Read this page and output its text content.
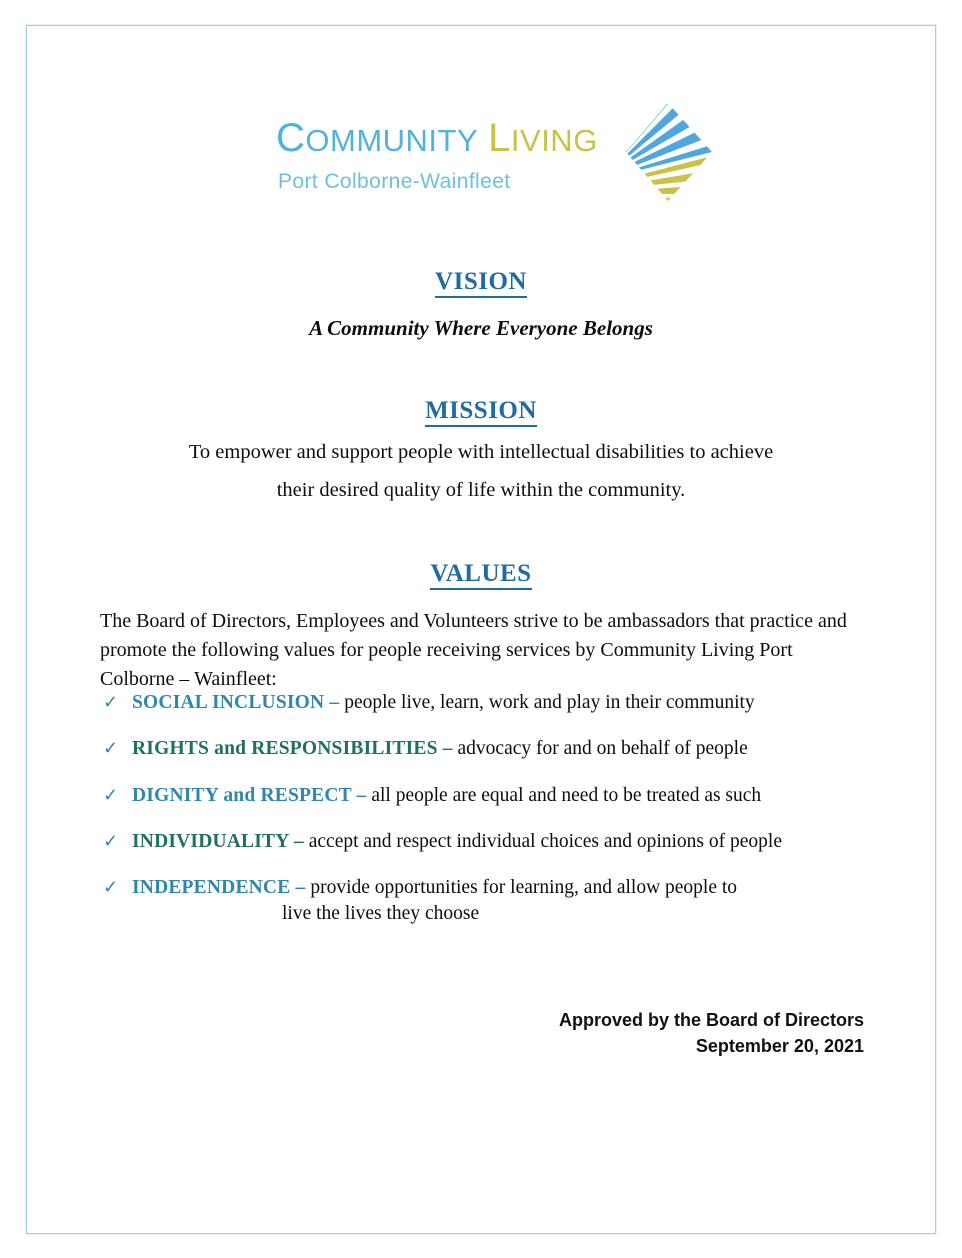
COMMUNITY LIVING
Port Colborne-Wainfleet
VISION
A Community Where Everyone Belongs
MISSION
To empower and support people with intellectual disabilities to achieve
their desired quality of life within the community.
VALUES
The Board of Directors, Employees and Volunteers strive to be ambassadors that practice and promote the following values for people receiving services by Community Living Port Colborne – Wainfleet:
✓ SOCIAL INCLUSION – people live, learn, work and play in their community
✓ RIGHTS and RESPONSIBILITIES – advocacy for and on behalf of people
✓ DIGNITY and RESPECT – all people are equal and need to be treated as such
✓ INDIVIDUALITY – accept and respect individual choices and opinions of people
✓ INDEPENDENCE – provide opportunities for learning, and allow people to
live the lives they choose
Approved by the Board of Directors
September 20, 2021
